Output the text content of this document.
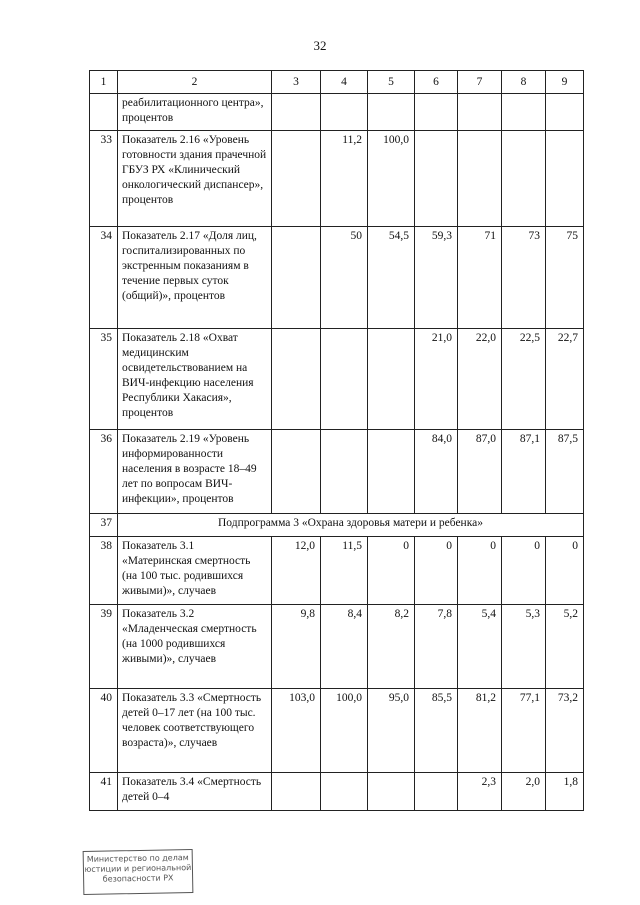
32
1	2	3	4	5	6	7	8	9
	реабилитационного центра», процентов							
33	Показатель 2.16 «Уровень готовности здания прачечной ГБУЗ РХ «Клинический онкологический диспансер», процентов		11,2	100,0				
34	Показатель 2.17 «Доля лиц, госпитализированных по экстренным показаниям в течение первых суток (общий)», процентов		50	54,5	59,3	71	73	75
35	Показатель 2.18 «Охват медицинским освидетельствованием на ВИЧ-инфекцию населения Республики Хакасия», процентов				21,0	22,0	22,5	22,7
36	Показатель 2.19 «Уровень информированности населения в возрасте 18–49 лет по вопросам ВИЧ-инфекции», процентов				84,0	87,0	87,1	87,5
37	Подпрограмма 3 «Охрана здоровья матери и ребенка»							
38	Показатель 3.1 «Материнская смертность (на 100 тыс. родившихся живыми)», случаев	12,0	11,5	0	0	0	0	0
39	Показатель 3.2 «Младенческая смертность (на 1000 родившихся живыми)», случаев	9,8	8,4	8,2	7,8	5,4	5,3	5,2
40	Показатель 3.3 «Смертность детей 0–17 лет (на 100 тыс. человек соответствующего возраста)», случаев	103,0	100,0	95,0	85,5	81,2	77,1	73,2
41	Показатель 3.4 «Смертность детей 0–4					2,3	2,0	1,8
Министерство по делам юстиции и региональной безопасности РХ
